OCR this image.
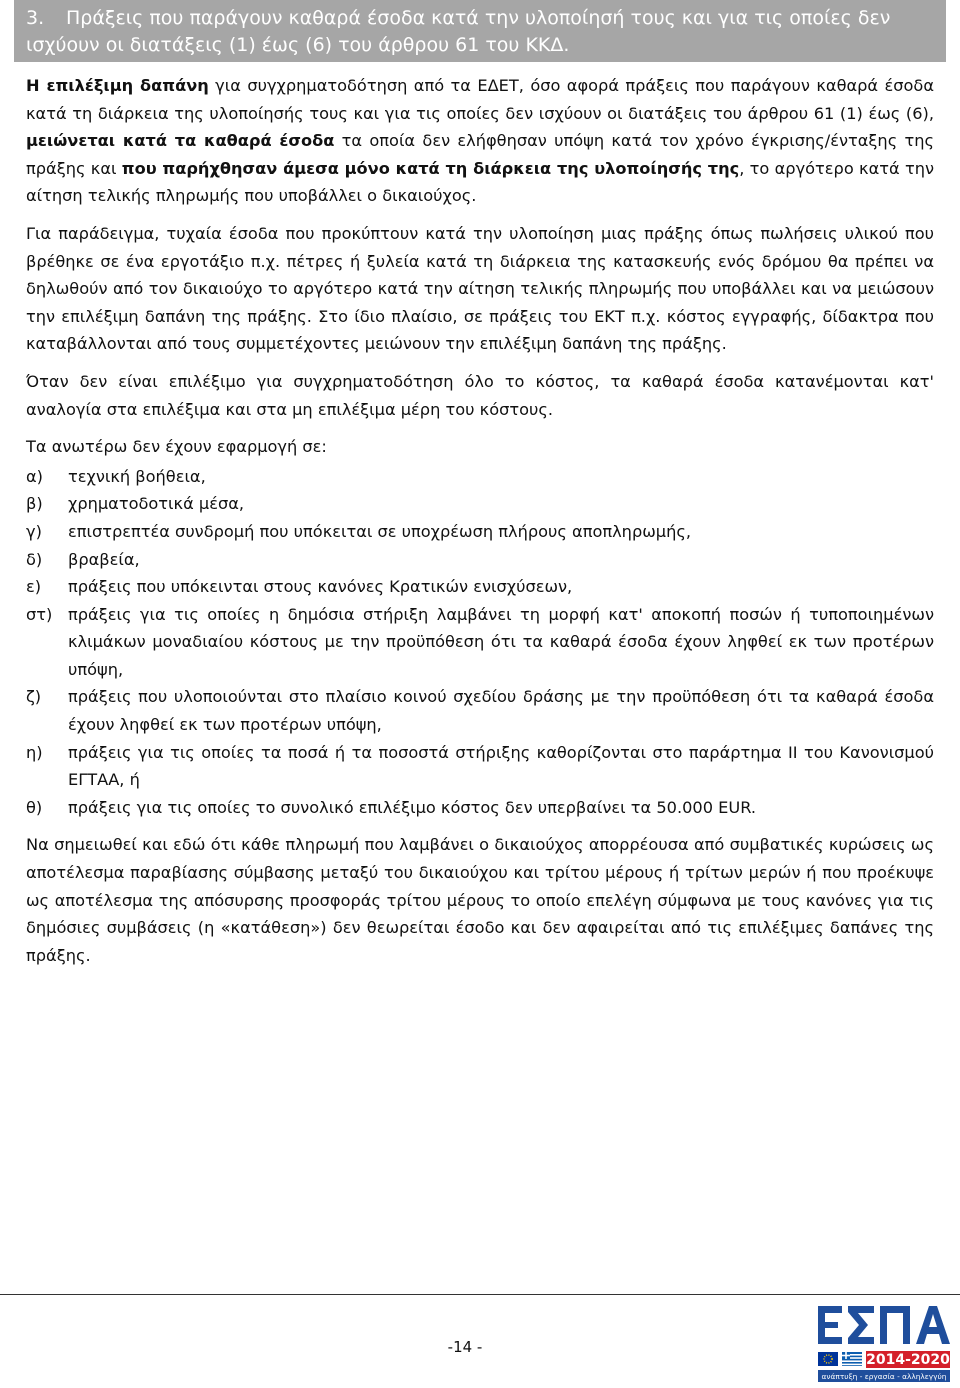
3. Πράξεις που παράγουν καθαρά έσοδα κατά την υλοποίησή τους και για τις οποίες δεν ισχύουν οι διατάξεις (1) έως (6) του άρθρου 61 του ΚΚΔ.

Η επιλέξιμη δαπάνη για συγχρηματοδότηση από τα ΕΔΕΤ, όσο αφορά πράξεις που παράγουν καθαρά έσοδα κατά τη διάρκεια της υλοποίησής τους και για τις οποίες δεν ισχύουν οι διατάξεις του άρθρου 61 (1) έως (6), μειώνεται κατά τα καθαρά έσοδα τα οποία δεν ελήφθησαν υπόψη κατά τον χρόνο έγκρισης/ένταξης της πράξης και που παρήχθησαν άμεσα μόνο κατά τη διάρκεια της υλοποίησής της, το αργότερο κατά την αίτηση τελικής πληρωμής που υποβάλλει ο δικαιούχος.

Για παράδειγμα, τυχαία έσοδα που προκύπτουν κατά την υλοποίηση μιας πράξης όπως πωλήσεις υλικού που βρέθηκε σε ένα εργοτάξιο π.χ. πέτρες ή ξυλεία κατά τη διάρκεια της κατασκευής ενός δρόμου θα πρέπει να δηλωθούν από τον δικαιούχο το αργότερο κατά την αίτηση τελικής πληρωμής που υποβάλλει και να μειώσουν την επιλέξιμη δαπάνη της πράξης. Στο ίδιο πλαίσιο, σε πράξεις του ΕΚΤ π.χ. κόστος εγγραφής, δίδακτρα που καταβάλλονται από τους συμμετέχοντες μειώνουν την επιλέξιμη δαπάνη της πράξης.

Όταν δεν είναι επιλέξιμο για συγχρηματοδότηση όλο το κόστος, τα καθαρά έσοδα κατανέμονται κατ' αναλογία στα επιλέξιμα και στα μη επιλέξιμα μέρη του κόστους.

Τα ανωτέρω δεν έχουν εφαρμογή σε:

α)	τεχνική βοήθεια,
β)	χρηματοδοτικά μέσα,
γ)	επιστρεπτέα συνδρομή που υπόκειται σε υποχρέωση πλήρους αποπληρωμής,
δ)	βραβεία,
ε)	πράξεις που υπόκεινται στους κανόνες Κρατικών ενισχύσεων,
στ) πράξεις για τις οποίες η δημόσια στήριξη λαμβάνει τη μορφή κατ' αποκοπή ποσών ή τυποποιημένων κλιμάκων μοναδιαίου κόστους με την προϋπόθεση ότι τα καθαρά έσοδα έχουν ληφθεί εκ των προτέρων υπόψη,
ζ)	πράξεις που υλοποιούνται στο πλαίσιο κοινού σχεδίου δράσης με την προϋπόθεση ότι τα καθαρά έσοδα έχουν ληφθεί εκ των προτέρων υπόψη,
η)	πράξεις για τις οποίες τα ποσά ή τα ποσοστά στήριξης καθορίζονται στο παράρτημα II του Κανονισμού ΕΓΤΑΑ, ή
θ)	πράξεις για τις οποίες το συνολικό επιλέξιμο κόστος δεν υπερβαίνει τα 50.000 EUR.

Να σημειωθεί και εδώ ότι κάθε πληρωμή που λαμβάνει ο δικαιούχος απορρέουσα από συμβατικές κυρώσεις ως αποτέλεσμα παραβίασης σύμβασης μεταξύ του δικαιούχου και τρίτου μέρους ή τρίτων μερών ή που προέκυψε ως αποτέλεσμα της απόσυρσης προσφοράς τρίτου μέρους το οποίο επελέγη σύμφωνα με τους κανόνες για τις δημόσιες συμβάσεις (η «κατάθεση») δεν θεωρείται έσοδο και δεν αφαιρείται από τις επιλέξιμες δαπάνες της πράξης.

-14 -
2014-2020
ανάπτυξη - εργασία - αλληλεγγύη
